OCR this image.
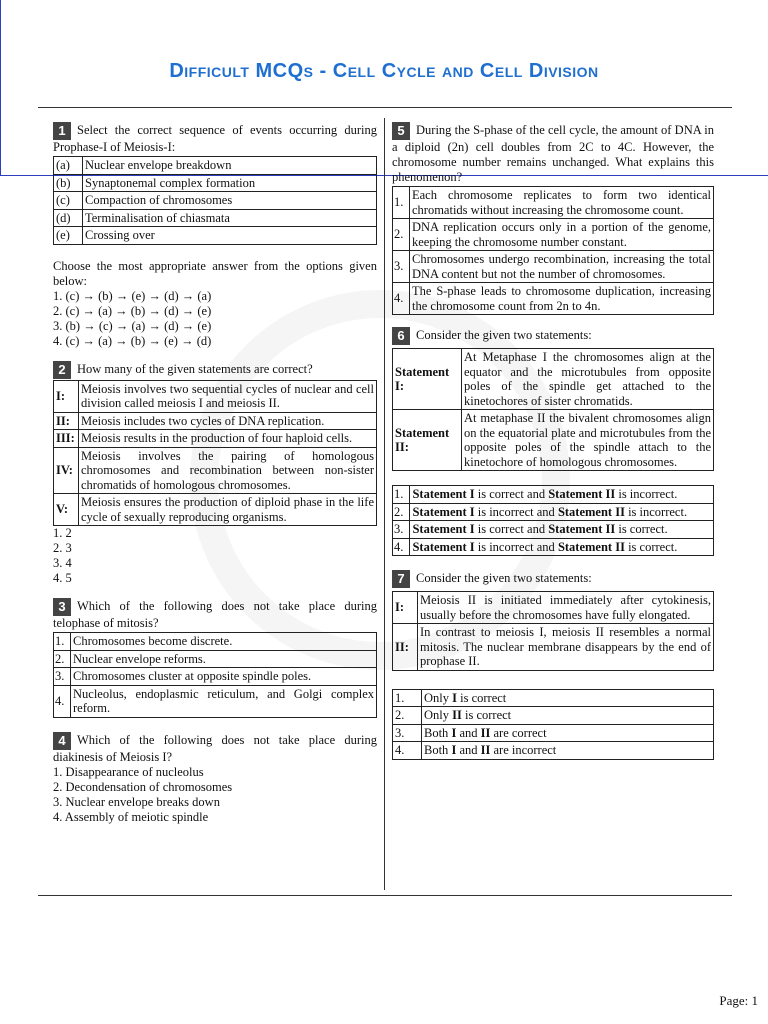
Difficult MCQs - Cell Cycle and Cell Division

1 Select the correct sequence of events occurring during Prophase-I of Meiosis-I:

(a)	Nuclear envelope breakdown
(b)	Synaptonemal complex formation
(c)	Compaction of chromosomes
(d)	Terminalisation of chiasmata
(e)	Crossing over

Choose the most appropriate answer from the options given below:

1. (c) → (b) → (e) → (d) → (a)

2. (c) → (a) → (b) → (d) → (e)

3. (b) → (c) → (a) → (d) → (e)

4. (c) → (a) → (b) → (e) → (d)

2 How many of the given statements are correct?

I:	Meiosis involves two sequential cycles of nuclear and cell division called meiosis I and meiosis II.
II:	Meiosis includes two cycles of DNA replication.
III:	Meiosis results in the production of four haploid cells.
IV:	Meiosis involves the pairing of homologous chromosomes and recombination between non-sister chromatids of homologous chromosomes.
V:	Meiosis ensures the production of diploid phase in the life cycle of sexually reproducing organisms.

1. 2

2. 3

3. 4

4. 5

3 Which of the following does not take place during telophase of mitosis?

1.	Chromosomes become discrete.
2.	Nuclear envelope reforms.
3.	Chromosomes cluster at opposite spindle poles.
4.	Nucleolus, endoplasmic reticulum, and Golgi complex reform.

4 Which of the following does not take place during diakinesis of Meiosis I?

1. Disappearance of nucleolus

2. Decondensation of chromosomes

3. Nuclear envelope breaks down

4. Assembly of meiotic spindle

5 During the S-phase of the cell cycle, the amount of DNA in a diploid (2n) cell doubles from 2C to 4C. However, the chromosome number remains unchanged. What explains this phenomenon?

1.	Each chromosome replicates to form two identical chromatids without increasing the chromosome count.
2.	DNA replication occurs only in a portion of the genome, keeping the chromosome number constant.
3.	Chromosomes undergo recombination, increasing the total DNA content but not the number of chromosomes.
4.	The S-phase leads to chromosome duplication, increasing the chromosome count from 2n to 4n.

6 Consider the given two statements:

Statement I:	At Metaphase I the chromosomes align at the equator and the microtubules from opposite poles of the spindle get attached to the kinetochores of sister chromatids.
Statement II:	At metaphase II the bivalent chromosomes align on the equatorial plate and microtubules from the opposite poles of the spindle attach to the kinetochore of homologous chromosomes.
1.	Statement I is correct and Statement II is incorrect.
2.	Statement I is incorrect and Statement II is incorrect.
3.	Statement I is correct and Statement II is correct.
4.	Statement I is incorrect and Statement II is correct.

7 Consider the given two statements:

I:	Meiosis II is initiated immediately after cytokinesis, usually before the chromosomes have fully elongated.
II:	In contrast to meiosis I, meiosis II resembles a normal mitosis. The nuclear membrane disappears by the end of prophase II.
1.	Only I is correct
2.	Only II is correct
3.	Both I and II are correct
4.	Both I and II are incorrect
Page: 1
